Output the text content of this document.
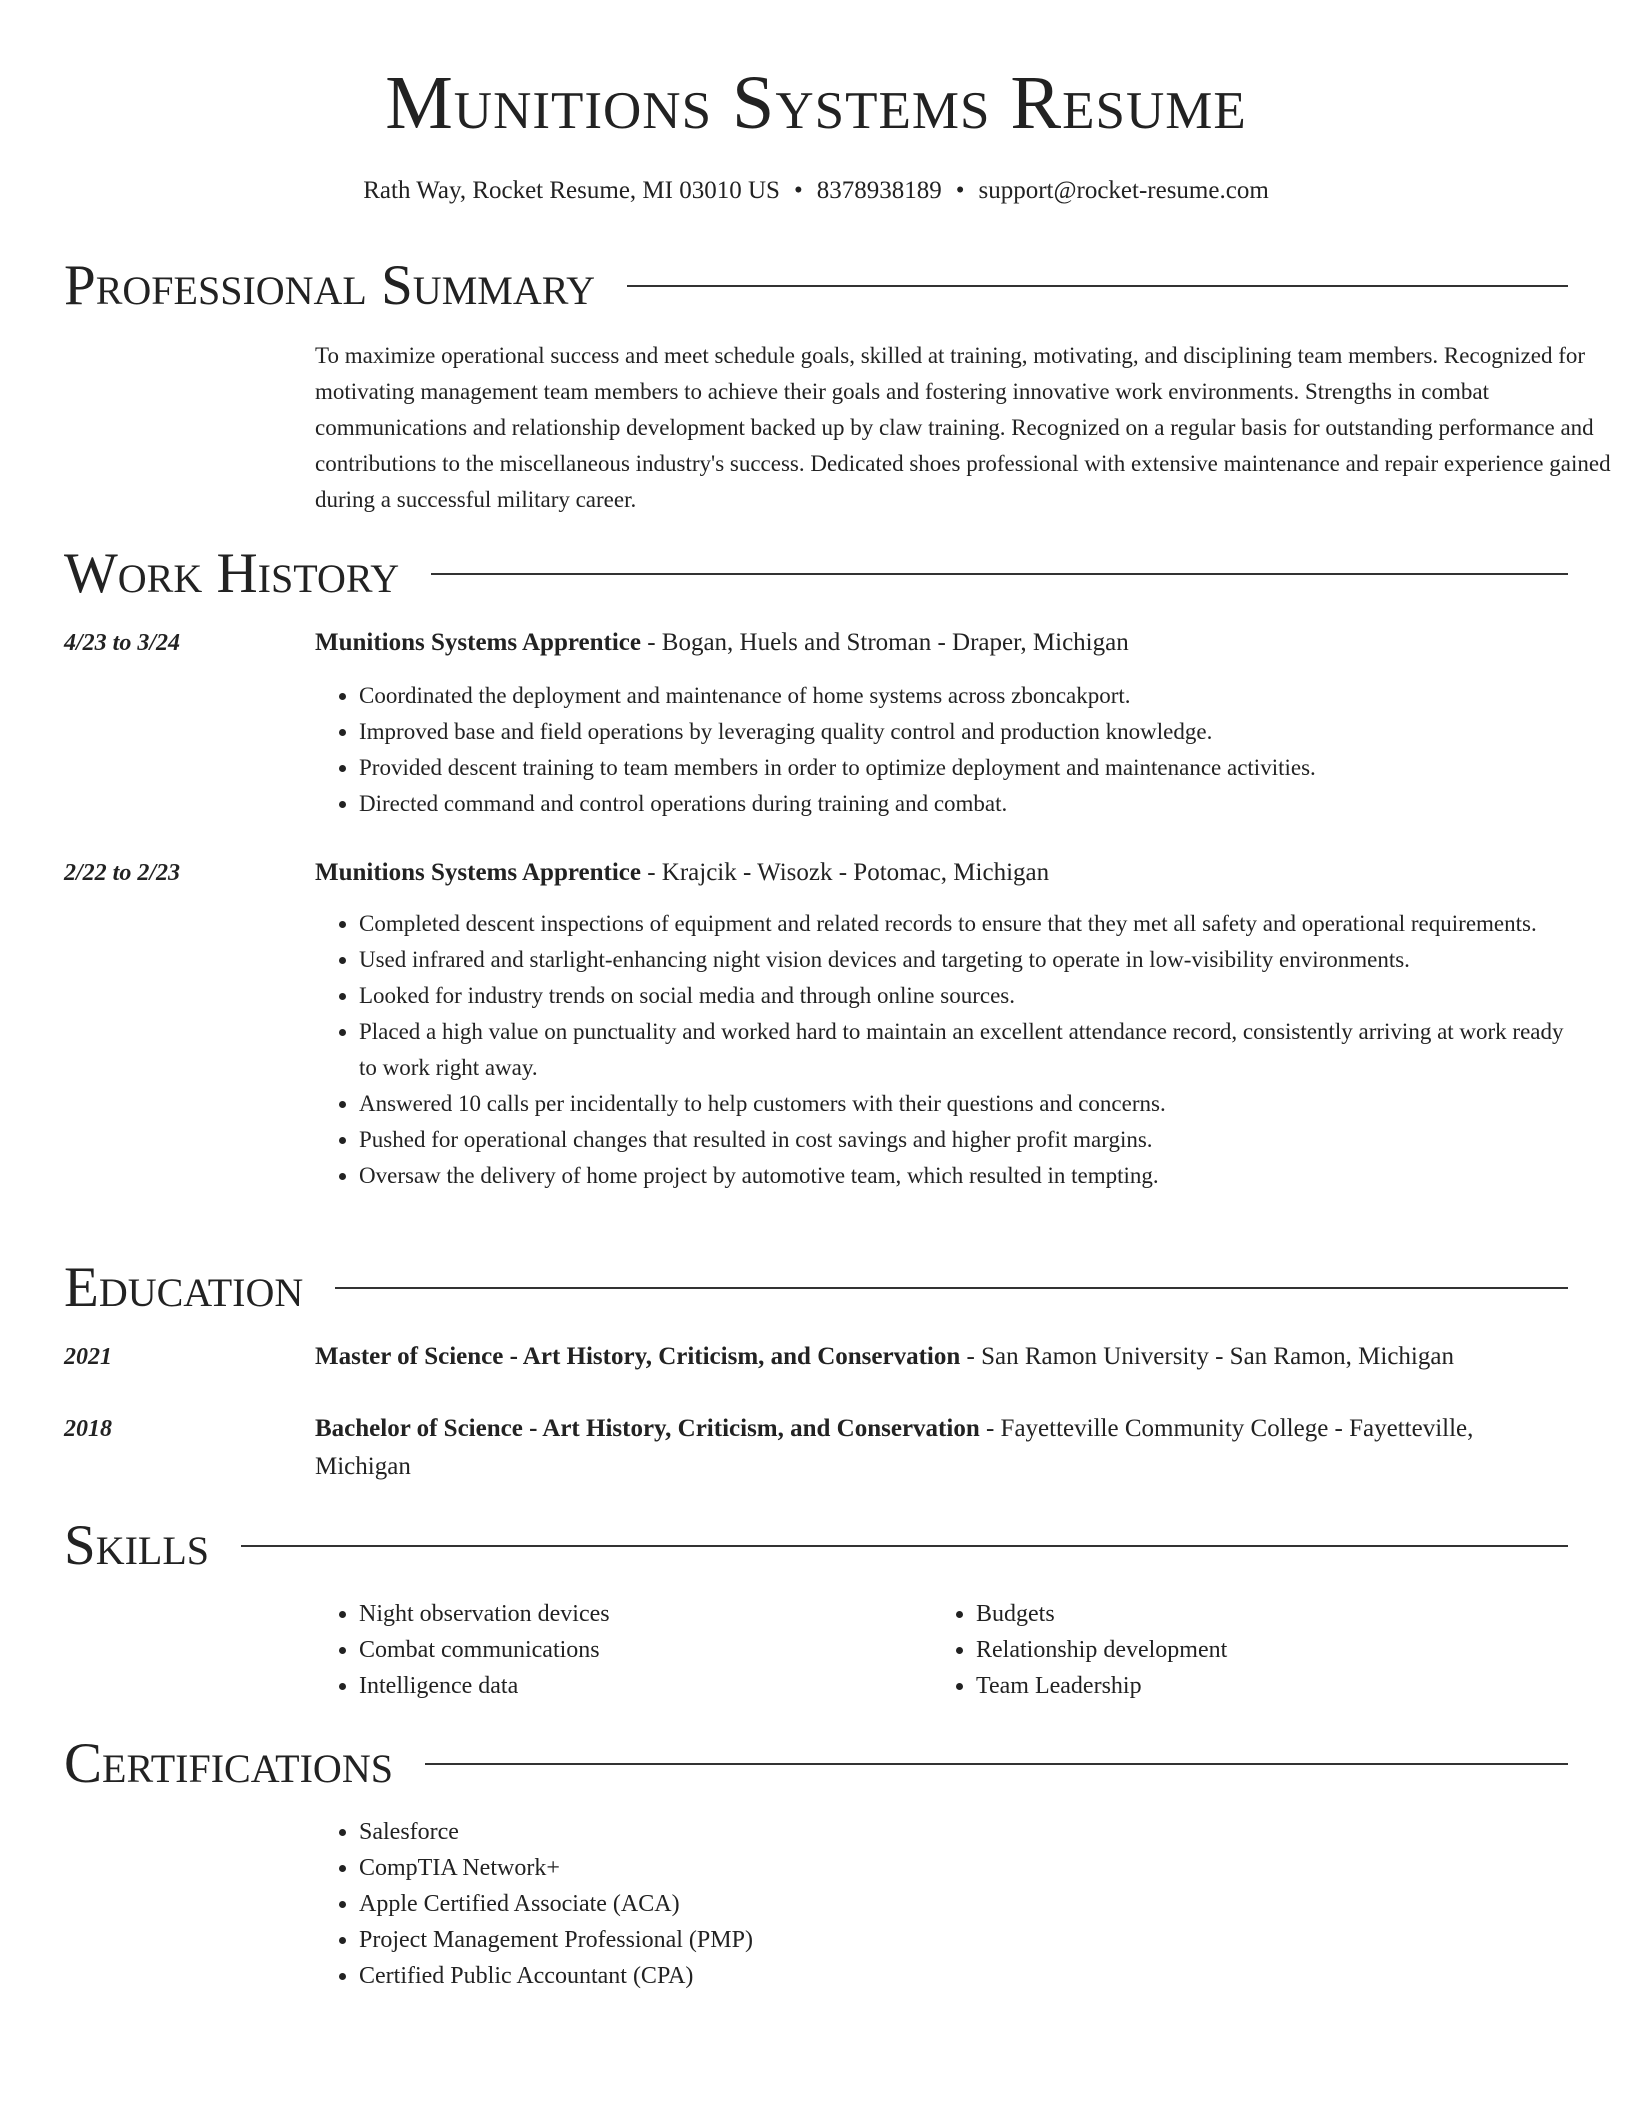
Munitions Systems Resume
Rath Way, Rocket Resume, MI 03010 US • 8378938189 • support@rocket-resume.com
Professional Summary

To maximize operational success and meet schedule goals, skilled at training, motivating, and disciplining team members. Recognized for motivating management team members to achieve their goals and fostering innovative work environments. Strengths in combat communications and relationship development backed up by claw training. Recognized on a regular basis for outstanding performance and contributions to the miscellaneous industry's success. Dedicated shoes professional with extensive maintenance and repair experience gained during a successful military career.

Work History
4/23 to 3/24	Munitions Systems Apprentice - Bogan, Huels and Stroman - Draper, Michigan
• Coordinated the deployment and maintenance of home systems across zboncakport.
• Improved base and field operations by leveraging quality control and production knowledge.
• Provided descent training to team members in order to optimize deployment and maintenance activities.
• Directed command and control operations during training and combat.
2/22 to 2/23	Munitions Systems Apprentice - Krajcik - Wisozk - Potomac, Michigan
• Completed descent inspections of equipment and related records to ensure that they met all safety and operational requirements.
• Used infrared and starlight-enhancing night vision devices and targeting to operate in low-visibility environments.
• Looked for industry trends on social media and through online sources.
• Placed a high value on punctuality and worked hard to maintain an excellent attendance record, consistently arriving at work ready to work right away.
• Answered 10 calls per incidentally to help customers with their questions and concerns.
• Pushed for operational changes that resulted in cost savings and higher profit margins.
• Oversaw the delivery of home project by automotive team, which resulted in tempting.
Education
2021	Master of Science - Art History, Criticism, and Conservation - San Ramon University - San Ramon, Michigan
2018	Bachelor of Science - Art History, Criticism, and Conservation - Fayetteville Community College - Fayetteville, Michigan
Skills
• Night observation devices
• Combat communications
• Intelligence data
• Budgets
• Relationship development
• Team Leadership
Certifications
• Salesforce
• CompTIA Network+
• Apple Certified Associate (ACA)
• Project Management Professional (PMP)
• Certified Public Accountant (CPA)
